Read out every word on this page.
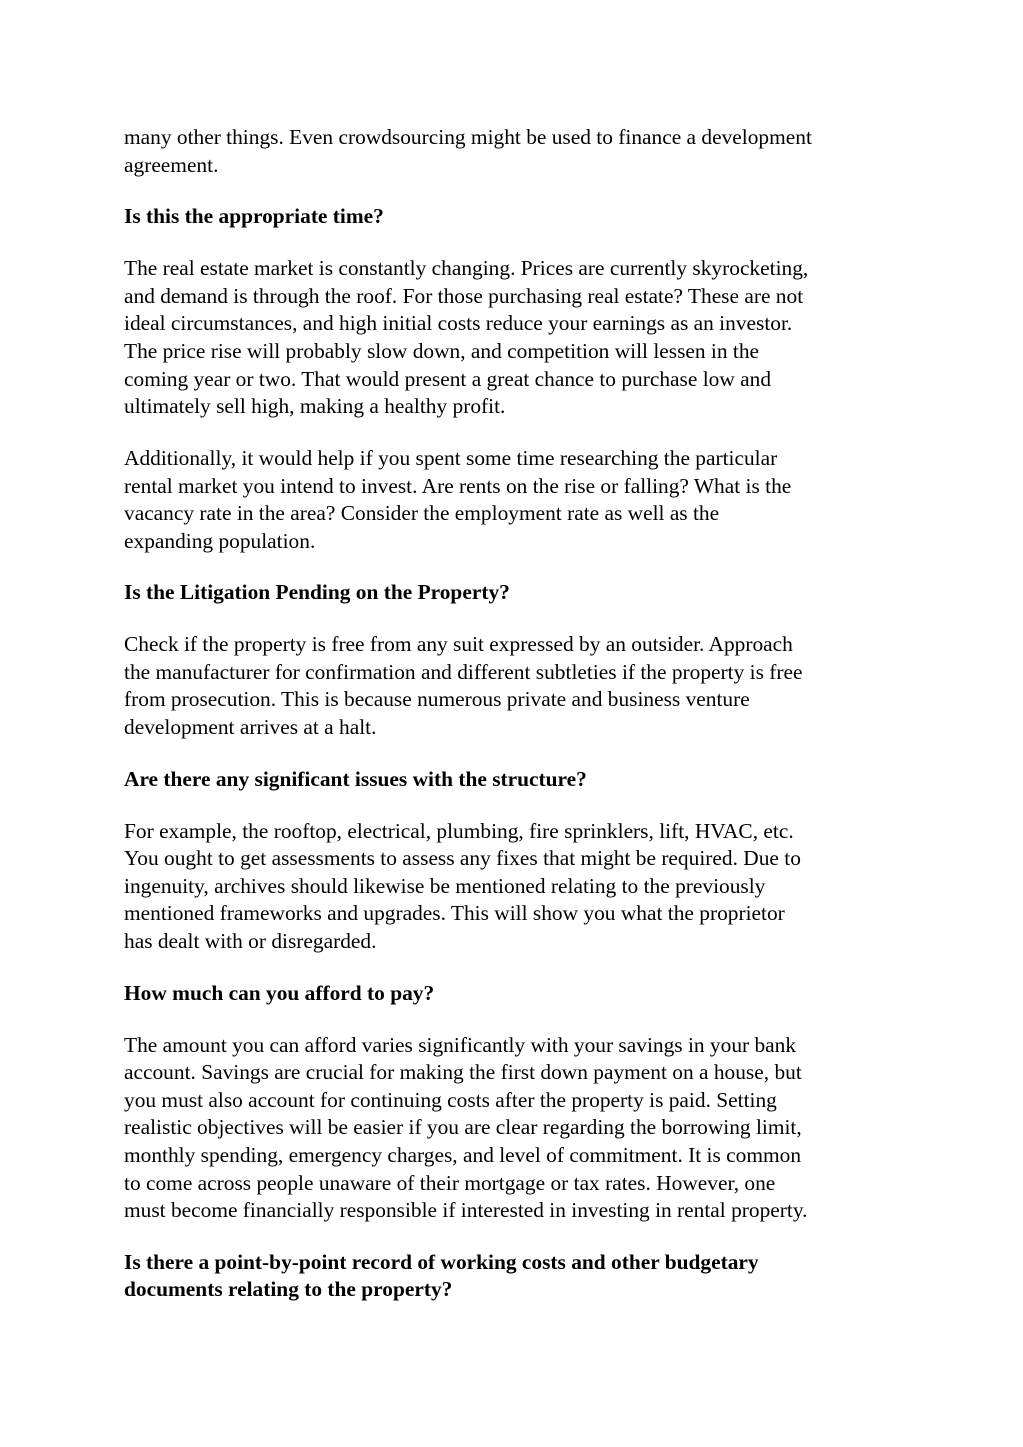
many other things. Even crowdsourcing might be used to finance a development
agreement.

Is this the appropriate time?

The real estate market is constantly changing. Prices are currently skyrocketing,
and demand is through the roof. For those purchasing real estate? These are not
ideal circumstances, and high initial costs reduce your earnings as an investor.
The price rise will probably slow down, and competition will lessen in the
coming year or two. That would present a great chance to purchase low and
ultimately sell high, making a healthy profit.

Additionally, it would help if you spent some time researching the particular
rental market you intend to invest. Are rents on the rise or falling? What is the
vacancy rate in the area? Consider the employment rate as well as the
expanding population.

Is the Litigation Pending on the Property?

Check if the property is free from any suit expressed by an outsider. Approach
the manufacturer for confirmation and different subtleties if the property is free
from prosecution. This is because numerous private and business venture
development arrives at a halt.

Are there any significant issues with the structure?

For example, the rooftop, electrical, plumbing, fire sprinklers, lift, HVAC, etc.
You ought to get assessments to assess any fixes that might be required. Due to
ingenuity, archives should likewise be mentioned relating to the previously
mentioned frameworks and upgrades. This will show you what the proprietor
has dealt with or disregarded.

How much can you afford to pay?

The amount you can afford varies significantly with your savings in your bank
account. Savings are crucial for making the first down payment on a house, but
you must also account for continuing costs after the property is paid. Setting
realistic objectives will be easier if you are clear regarding the borrowing limit,
monthly spending, emergency charges, and level of commitment. It is common
to come across people unaware of their mortgage or tax rates. However, one
must become financially responsible if interested in investing in rental property.

Is there a point-by-point record of working costs and other budgetary
documents relating to the property?
